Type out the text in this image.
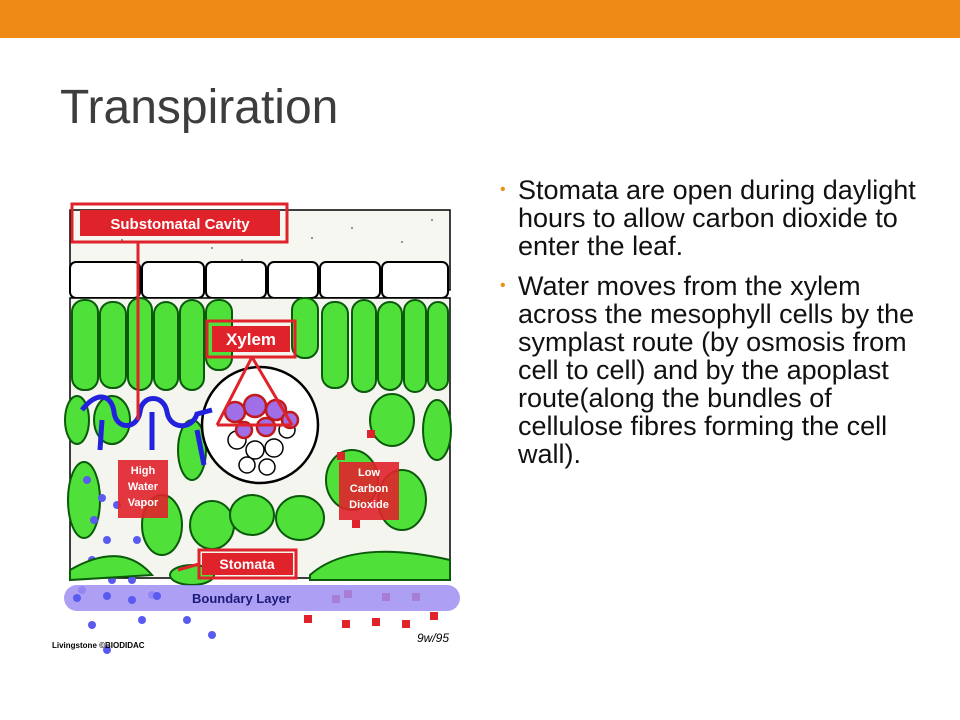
Transpiration
Substomatal Cavity
Xylem
Stomata
High
Water
Vapor
Low
Carbon
Dioxide
Boundary Layer
Livingstone ©BIODIDAC
9w/95
• Stomata are open during daylight hours to allow carbon dioxide to enter the leaf.
• Water moves from the xylem across the mesophyll cells by the symplast route (by osmosis from cell to cell) and by the apoplast route(along the bundles of cellulose fibres forming the cell wall).
